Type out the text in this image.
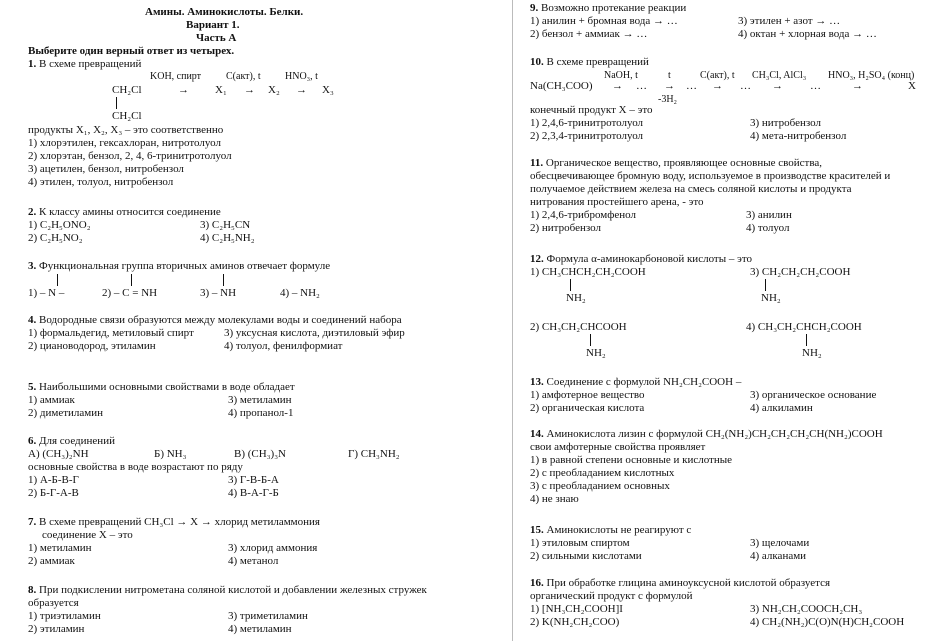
Амины. Аминокислоты. Белки.
Вариант 1.
Часть А
Выберите один верный ответ из четырех.
1. В схеме превращений
KOH, спирт C(акт), t HNO₃, t
CH₂Cl
CH₂Cl
→ X₁ → X₂ → X₃
продукты X₁, X₂, X₃ – это соответственно
1) хлорэтилен, гексахлоран, нитротолуол
2) хлорэтан, бензол, 2, 4, 6-тринитротолуол
3) ацетилен, бензол, нитробензол
4) этилен, толуол, нитробензол
2. К классу амины относится соединение
1) C₂H₅ONO₂	3) C₂H₅CN
2) C₂H₅NO₂	4) C₂H₅NH₂
3. Функциональная группа вторичных аминов отвечает формуле
1) – N –	2) – C = NH	3) – NH	4) – NH₂
4. Водородные связи образуются между молекулами воды и соединений набора
1) формальдегид, метиловый спирт	3) уксусная кислота, диэтиловый эфир
2) циановодород, этиламин	4) толуол, фенилформиат
5. Наибольшими основными свойствами в воде обладает
1) аммиак	3) метиламин
2) диметиламин	4) пропанол-1
6. Для соединений
А) (CH₃)₂NH	Б) NH₃	В) (CH₃)₃N	Г) CH₃NH₂
основные свойства в воде возрастают по ряду
1) А-Б-В-Г	3) Г-В-Б-А
2) Б-Г-А-В	4) В-А-Г-Б
7. В схеме превращений CH₃Cl → X → хлорид метиламмония
соединение X – это
1) метиламин	3) хлорид аммония
2) аммиак	4) метанол
8. При подкислении нитрометана соляной кислотой и добавлении железных стружек образуется
1) триэтиламин	3) триметиламин
2) этиламин	4) метиламин
9. Возможно протекание реакции
1) анилин + бромная вода → …	3) этилен + азот → …
2) бензол + аммиак → …	4) октан + хлорная вода → …
10. В схеме превращений
NaOH, t	t	C(акт), t CH₃Cl, AlCl₃ HNO₃, H₂SO₄ (конц)
Na(CH₃COO) → … →
-3H₂
… → … → …	→	X
конечный продукт X – это
1) 2,4,6-тринитротолуол	3) нитробензол
2) 2,3,4-тринитротолуол	4) мета-нитробензол
11. Органическое вещество, проявляющее основные свойства,
обесцвечивающее бромную воду, используемое в производстве красителей и
получаемое действием железа на смесь соляной кислоты и продукта
нитрования простейшего арена, - это
1) 2,4,6-трибромфенол	3) анилин
2) нитробензол	4) толуол
12. Формула α-аминокарбоновой кислоты – это
1) CH₃CHCH₂CH₂COOH
NH₂
3) CH₂CH₂CH₂COOH
NH₂
2) CH₃CH₂CHCOOH
NH₂
4) CH₃CH₂CHCH₂COOH
NH₂
13. Соединение с формулой NH₂CH₂COOH –
1) амфотерное вещество	3) органическое основание
2) органическая кислота	4) алкиламин
14. Аминокислота лизин с формулой CH₂(NH₂)CH₂CH₂CH₂CH(NH₂)COOH
свои амфотерные свойства проявляет
1) в равной степени основные и кислотные
2) с преобладанием кислотных
3) с преобладанием основных
4) не знаю
15. Аминокислоты не реагируют с
1) этиловым спиртом	3) щелочами
2) сильными кислотами	4) алканами
16. При обработке глицина аминоуксусной кислотой образуется
органический продукт с формулой
1) [NH₃CH₂COOH]I	3) NH₂CH₂COOCH₂CH₃
2) K(NH₂CH₂COO)	4) CH₂(NH₂)C(O)N(H)CH₂COOH
